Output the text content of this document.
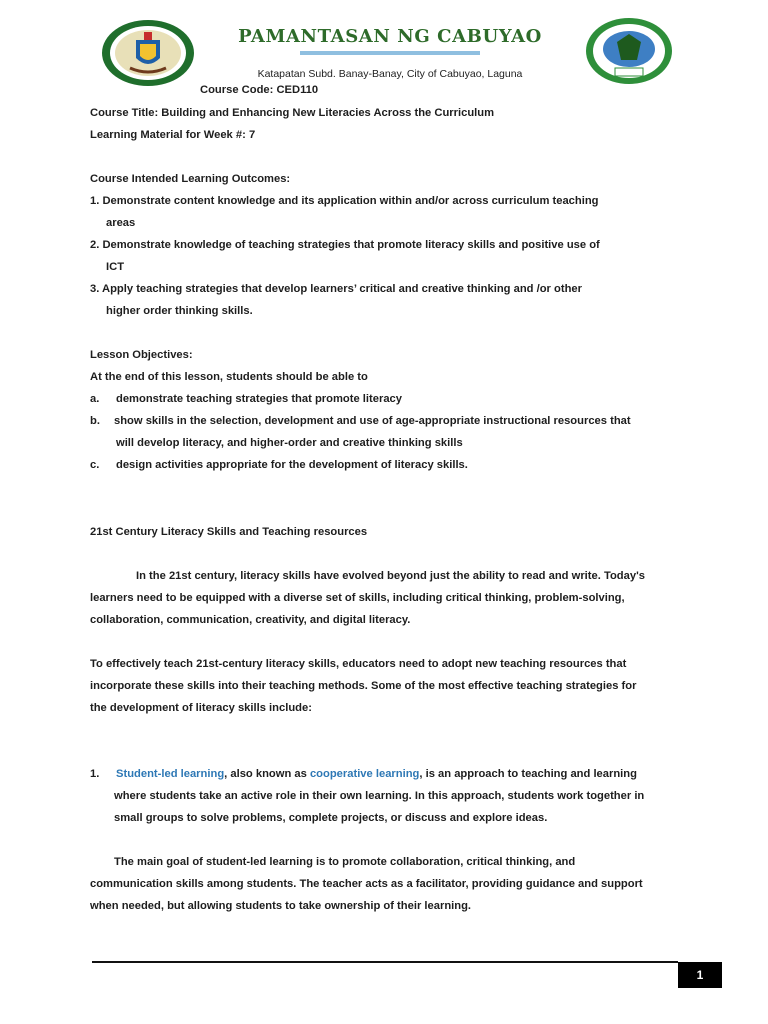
PAMANTASAN NG CABUYAO
Katapatan Subd. Banay-Banay, City of Cabuyao, Laguna
Course Code: CED110
Course Title: Building and Enhancing New Literacies Across the Curriculum
Learning Material for Week #: 7
Course Intended Learning Outcomes:
1. Demonstrate content knowledge and its application within and/or across curriculum teaching
areas
2. Demonstrate knowledge of teaching strategies that promote literacy skills and positive use of
ICT
3. Apply teaching strategies that develop learners’ critical and creative thinking and /or other
higher order thinking skills.
Lesson Objectives:
At the end of this lesson, students should be able to
a. demonstrate teaching strategies that promote literacy
b. show skills in the selection, development and use of age-appropriate instructional resources that
will develop literacy, and higher-order and creative thinking skills
c. design activities appropriate for the development of literacy skills.
21st Century Literacy Skills and Teaching resources
In the 21st century, literacy skills have evolved beyond just the ability to read and write. Today's
learners need to be equipped with a diverse set of skills, including critical thinking, problem-solving,
collaboration, communication, creativity, and digital literacy.
To effectively teach 21st-century literacy skills, educators need to adopt new teaching resources that
incorporate these skills into their teaching methods. Some of the most effective teaching strategies for
the development of literacy skills include:
1. Student-led learning, also known as cooperative learning, is an approach to teaching and learning
where students take an active role in their own learning. In this approach, students work together in
small groups to solve problems, complete projects, or discuss and explore ideas.
The main goal of student-led learning is to promote collaboration, critical thinking, and
communication skills among students. The teacher acts as a facilitator, providing guidance and support
when needed, but allowing students to take ownership of their learning.
1
